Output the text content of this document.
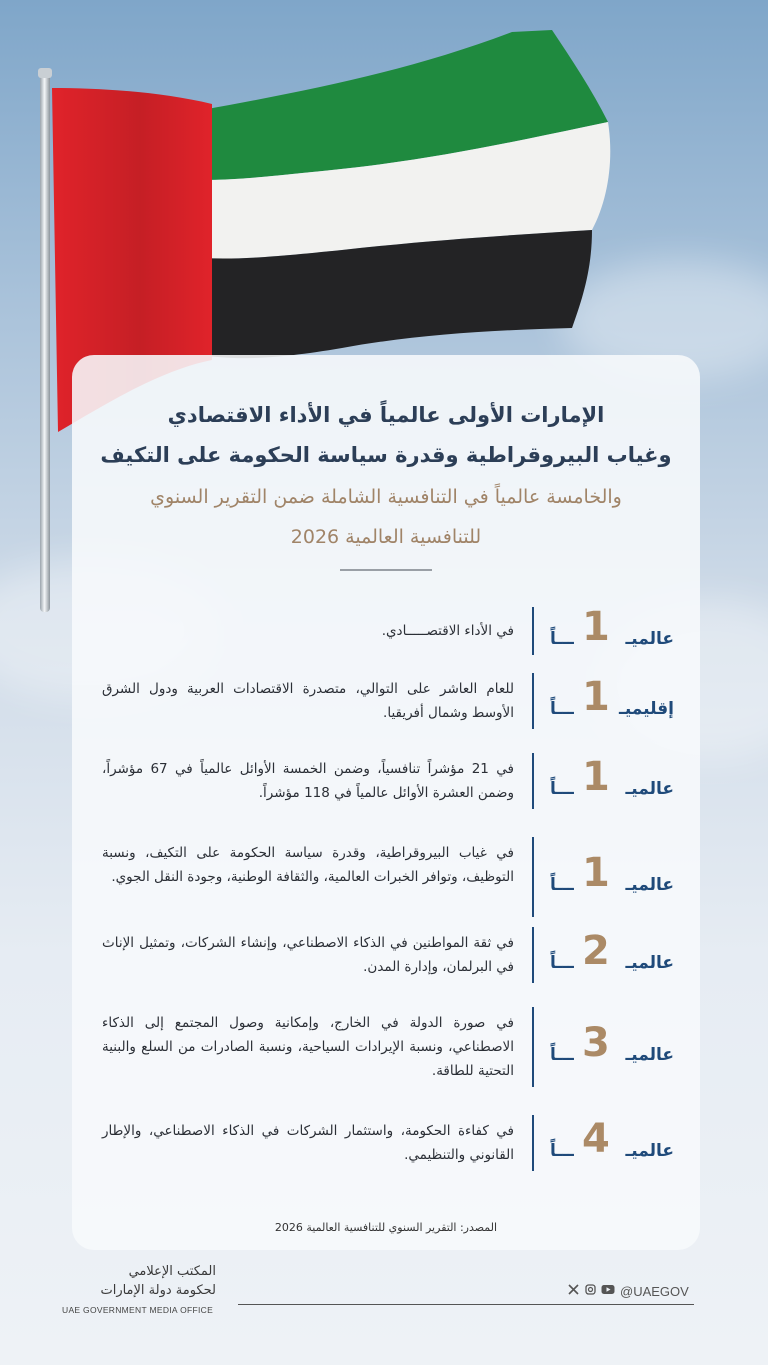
الإمارات الأولى عالمياً في الأداء الاقتصادي
وغياب البيروقراطية وقدرة سياسة الحكومة على التكيف
والخامسة عالمياً في التنافسية الشاملة ضمن التقرير السنوي
للتنافسية العالمية 2026
عالميـ
1
ـــاً
في الأداء الاقتصـــــادي.
إقليميـ
1
ـــاً
للعام العاشر على التوالي، متصدرة الاقتصادات العربية ودول الشرق الأوسط وشمال أفريقيا.
عالميـ
1
ـــاً
في 21 مؤشراً تنافسياً، وضمن الخمسة الأوائل عالمياً في 67 مؤشراً، وضمن العشرة الأوائل عالمياً في 118 مؤشراً.
عالميـ
1
ـــاً
في غياب البيروقراطية، وقدرة سياسة الحكومة على التكيف، ونسبة التوظيف، وتوافر الخبرات العالمية، والثقافة الوطنية، وجودة النقل الجوي.
عالميـ
2
ـــاً
في ثقة المواطنين في الذكاء الاصطناعي، وإنشاء الشركات، وتمثيل الإناث في البرلمان، وإدارة المدن.
عالميـ
3
ـــاً
في صورة الدولة في الخارج، وإمكانية وصول المجتمع إلى الذكاء الاصطناعي، ونسبة الإيرادات السياحية، ونسبة الصادرات من السلع والبنية التحتية للطاقة.
عالميـ
4
ـــاً
في كفاءة الحكومة، واستثمار الشركات في الذكاء الاصطناعي، والإطار القانوني والتنظيمي.
المصدر: التقرير السنوي للتنافسية العالمية 2026
المكتب الإعلامي
لحكومة دولة الإمارات
UAE GOVERNMENT MEDIA OFFICE
@UAEGOV
